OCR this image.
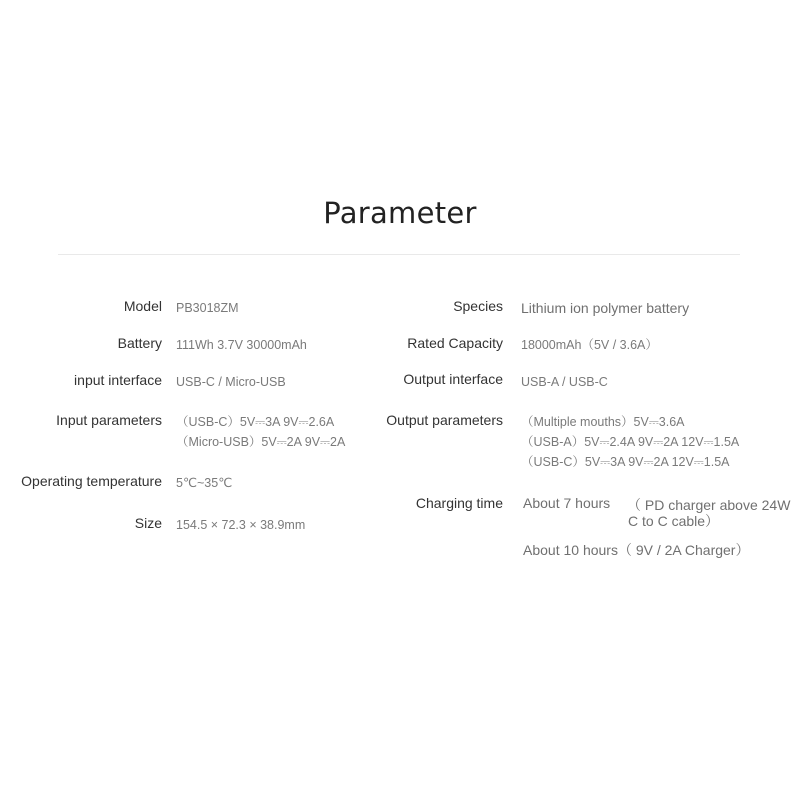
Parameter
Model PB3018ZM
Battery 111Wh 3.7V 30000mAh
input interface USB-C / Micro-USB
Input parameters （USB-C）5V⎓3A 9V⎓2.6A
（Micro-USB）5V⎓2A 9V⎓2A
Operating temperature 5℃~35℃
Size 154.5 × 72.3 × 38.9mm
Species Lithium ion polymer battery
Rated Capacity 18000mAh（5V / 3.6A）
Output interface USB-A / USB-C
Output parameters （Multiple mouths）5V⎓3.6A
（USB-A）5V⎓2.4A 9V⎓2A 12V⎓1.5A
（USB-C）5V⎓3A 9V⎓2A 12V⎓1.5A
Charging time About 7 hours （ PD charger above 24W
C to C cable）
About 10 hours（ 9V / 2A Charger）
